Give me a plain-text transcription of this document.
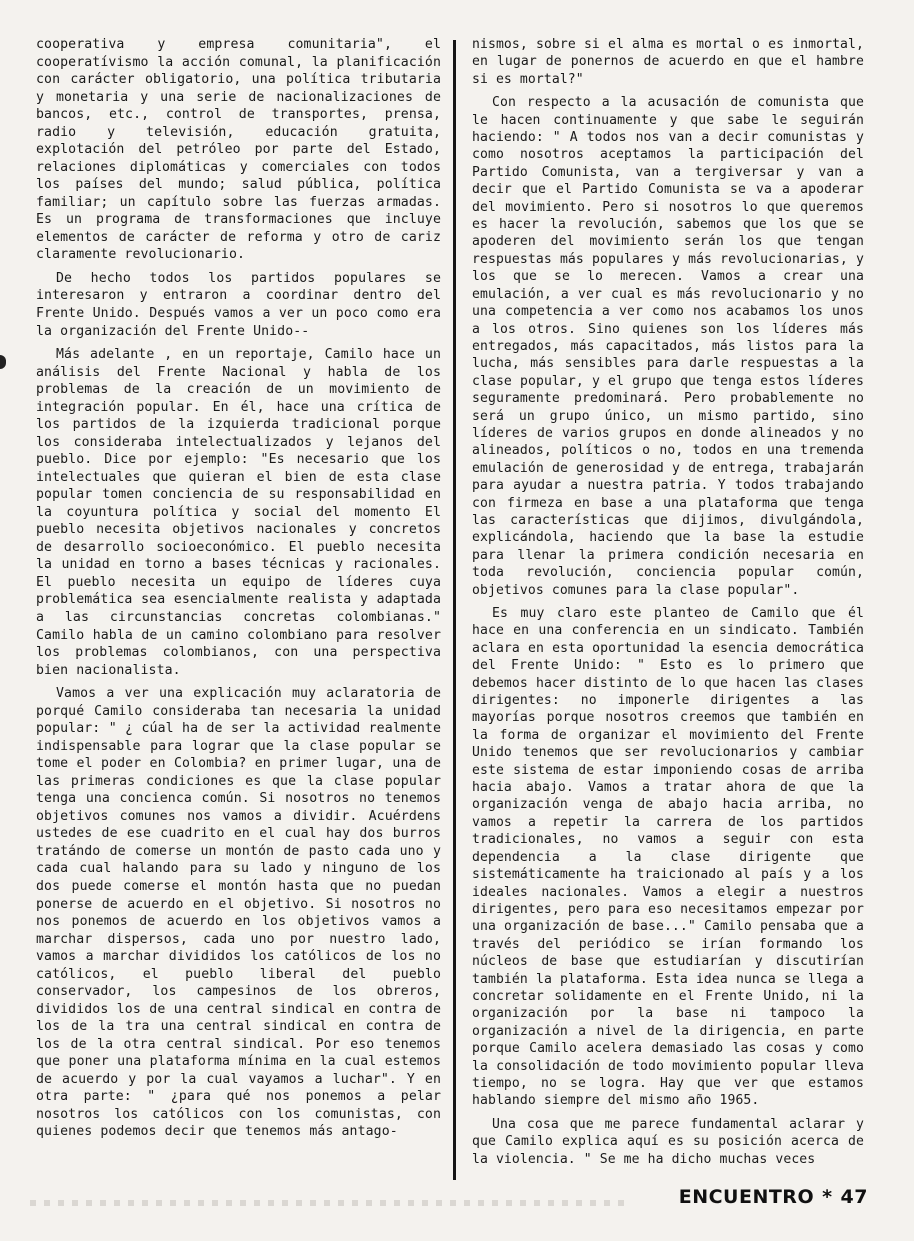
cooperativa y empresa comunitaria", el cooperatívismo la acción comunal, la planificación con carácter obligatorio, una política tributaria y monetaria y una serie de nacionalizaciones de bancos, etc., control de transportes, prensa, radio y televisión, educación gratuita, explotación del petróleo por parte del Estado, relaciones diplomáticas y comerciales con todos los países del mundo; salud pública, política familiar; un capítulo sobre las fuerzas armadas. Es un programa de transformaciones que incluye elementos de carácter de reforma y otro de cariz claramente revolucionario.

De hecho todos los partidos populares se interesaron y entraron a coordinar dentro del Frente Unido. Después vamos a ver un poco como era la organización del Frente Unido--

Más adelante , en un reportaje, Camilo hace un análisis del Frente Nacional y habla de los problemas de la creación de un movimiento de integración popular. En él, hace una crítica de los partidos de la izquierda tradicional porque los consideraba intelectualizados y lejanos del pueblo. Dice por ejemplo: "Es necesario que los intelectuales que quieran el bien de esta clase popular tomen conciencia de su responsabilidad en la coyuntura política y social del momento El pueblo necesita objetivos nacionales y concretos de desarrollo socioeconómico. El pueblo necesita la unidad en torno a bases técnicas y racionales. El pueblo necesita un equipo de líderes cuya problemática sea esencialmente realista y adaptada a las circunstancias concretas colombianas." Camilo habla de un camino colombiano para resolver los problemas colombianos, con una perspectiva bien nacionalista.

Vamos a ver una explicación muy aclaratoria de porqué Camilo consideraba tan necesaria la unidad popular: " ¿ cúal ha de ser la actividad realmente indispensable para lograr que la clase popular se tome el poder en Colombia? en primer lugar, una de las primeras condiciones es que la clase popular tenga una concienca común. Si nosotros no tenemos objetivos comunes nos vamos a dividir. Acuérdens ustedes de ese cuadrito en el cual hay dos burros tratándo de comerse un montón de pasto cada uno y cada cual halando para su lado y ninguno de los dos puede comerse el montón hasta que no puedan ponerse de acuerdo en el objetivo. Si nosotros no nos ponemos de acuerdo en los objetivos vamos a marchar dispersos, cada uno por nuestro lado, vamos a marchar divididos los católicos de los no católicos, el pueblo liberal del pueblo conservador, los campesinos de los obreros, divididos los de una central sindical en contra de los de la tra una central sindical en contra de los de la otra central sindical. Por eso tenemos que poner una plataforma mínima en la cual estemos de acuerdo y por la cual vayamos a luchar". Y en otra parte: " ¿para qué nos ponemos a pelar nosotros los católicos con los comunistas, con quienes podemos decir que tenemos más antago-

nismos, sobre si el alma es mortal o es inmortal, en lugar de ponernos de acuerdo en que el hambre si es mortal?"

Con respecto a la acusación de comunista que le hacen continuamente y que sabe le seguirán haciendo: " A todos nos van a decir comunistas y como nosotros aceptamos la participación del Partido Comunista, van a tergiversar y van a decir que el Partido Comunista se va a apoderar del movimiento. Pero si nosotros lo que queremos es hacer la revolución, sabemos que los que se apoderen del movimiento serán los que tengan respuestas más populares y más revolucionarias, y los que se lo merecen. Vamos a crear una emulación, a ver cual es más revolucionario y no una competencia a ver como nos acabamos los unos a los otros. Sino quienes son los líderes más entregados, más capacitados, más listos para la lucha, más sensibles para darle respuestas a la clase popular, y el grupo que tenga estos líderes seguramente predominará. Pero probablemente no será un grupo único, un mismo partido, sino líderes de varios grupos en donde alineados y no alineados, políticos o no, todos en una tremenda emulación de generosidad y de entrega, trabajarán para ayudar a nuestra patria. Y todos trabajando con firmeza en base a una plataforma que tenga las características que dijimos, divulgándola, explicándola, haciendo que la base la estudie para llenar la primera condición necesaria en toda revolución, conciencia popular común, objetivos comunes para la clase popular".

Es muy claro este planteo de Camilo que él hace en una conferencia en un sindicato. También aclara en esta oportunidad la esencia democrática del Frente Unido: " Esto es lo primero que debemos hacer distinto de lo que hacen las clases dirigentes: no imponerle dirigentes a las mayorías porque nosotros creemos que también en la forma de organizar el movimiento del Frente Unido tenemos que ser revolucionarios y cambiar este sistema de estar imponiendo cosas de arriba hacia abajo. Vamos a tratar ahora de que la organización venga de abajo hacia arriba, no vamos a repetir la carrera de los partidos tradicionales, no vamos a seguir con esta dependencia a la clase dirigente que sistemáticamente ha traicionado al país y a los ideales nacionales. Vamos a elegir a nuestros dirigentes, pero para eso necesitamos empezar por una organización de base..." Camilo pensaba que a través del periódico se irían formando los núcleos de base que estudiarían y discutirían también la plataforma. Esta idea nunca se llega a concretar solidamente en el Frente Unido, ni la organización por la base ni tampoco la organización a nivel de la dirigencia, en parte porque Camilo acelera demasiado las cosas y como la consolidación de todo movimiento popular lleva tiempo, no se logra. Hay que ver que estamos hablando siempre del mismo año 1965.

Una cosa que me parece fundamental aclarar y que Camilo explica aquí es su posición acerca de la violencia. " Se me ha dicho muchas veces

ENCUENTRO * 47
